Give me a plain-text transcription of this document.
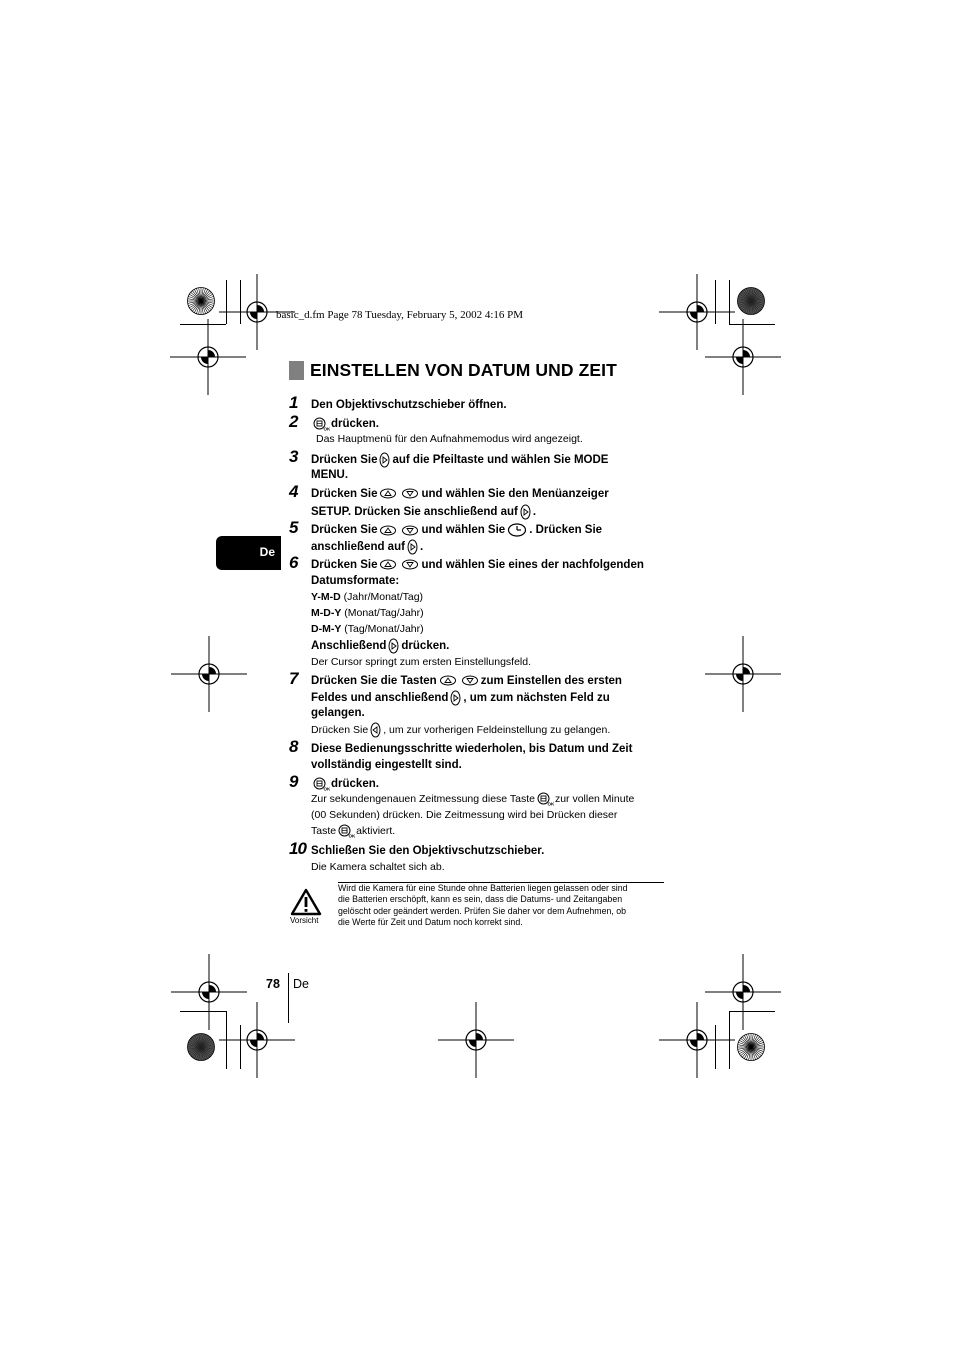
basic_d.fm Page 78 Tuesday, February 5, 2002 4:16 PM
EINSTELLEN VON DATUM UND ZEIT
De
1 Den Objektivschutzschieber öffnen.
2	OK drücken.
Das Hauptmenü für den Aufnahmemodus wird angezeigt.
3 Drücken Sie auf die Pfeiltaste und wählen Sie MODE
MENU.
4 Drücken Sie	und wählen Sie den Menüanzeiger
SETUP. Drücken Sie anschließend auf .
5 Drücken Sie	und wählen Sie . Drücken Sie
anschließend auf .
6 Drücken Sie	und wählen Sie eines der nachfolgenden
Datumsformate:
Y-M-D (Jahr/Monat/Tag)
M-D-Y (Monat/Tag/Jahr)
D-M-Y (Tag/Monat/Jahr)
Anschließend drücken.
Der Cursor springt zum ersten Einstellungsfeld.
7 Drücken Sie die Tasten	zum Einstellen des ersten
Feldes und anschließend , um zum nächsten Feld zu
gelangen.
Drücken Sie , um zur vorherigen Feldeinstellung zu gelangen.
8 Diese Bedienungsschritte wiederholen, bis Datum und Zeit
vollständig eingestellt sind.
9	OK drücken.
Zur sekundengenauen Zeitmessung diese Taste	OK zur vollen Minute
(00 Sekunden) drücken. Die Zeitmessung wird bei Drücken dieser
Taste	OK aktiviert.
10 Schließen Sie den Objektivschutzschieber.
Die Kamera schaltet sich ab.
Vorsicht
Wird die Kamera für eine Stunde ohne Batterien liegen gelassen oder sind
die Batterien erschöpft, kann es sein, dass die Datums- und Zeitangaben
gelöscht oder geändert werden. Prüfen Sie daher vor dem Aufnehmen, ob
die Werte für Zeit und Datum noch korrekt sind.
78 De
